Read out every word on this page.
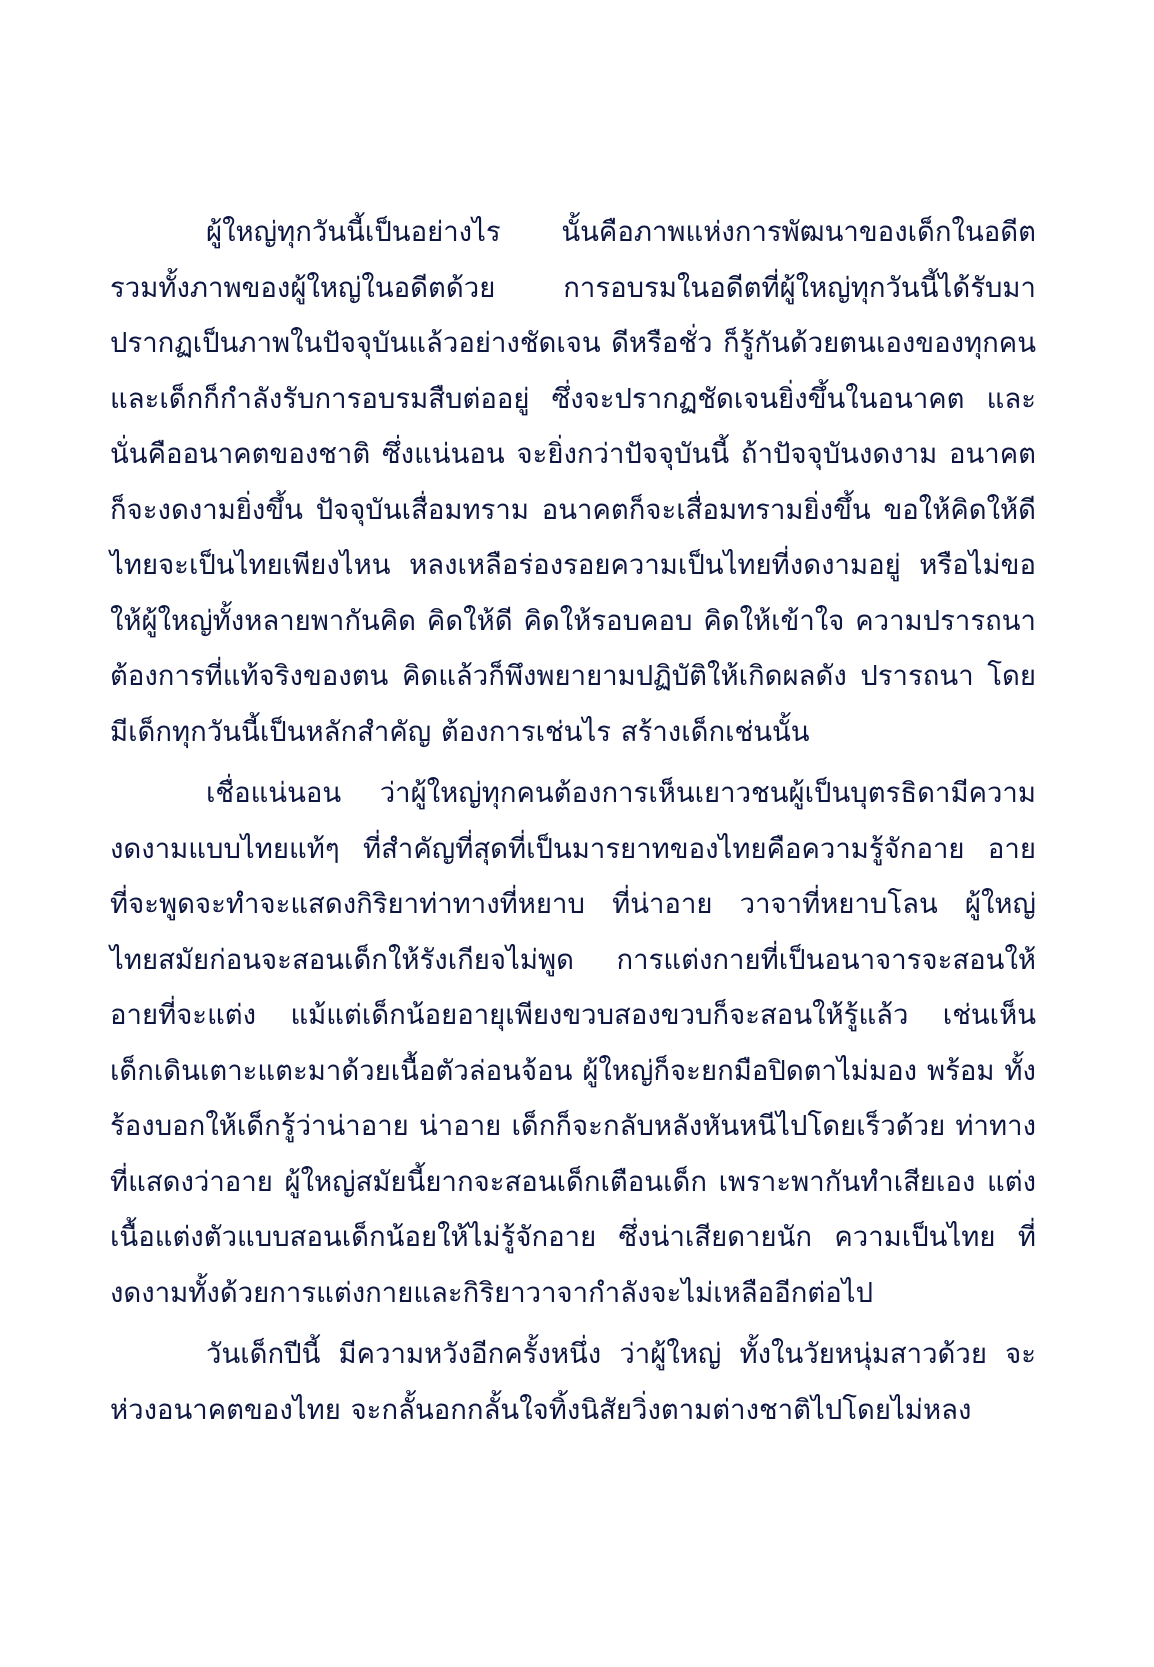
ผู้ใหญ่ทุกวันนี้เป็นอย่างไร นั้นคือภาพแห่งการพัฒนาของเด็กในอดีต รวมทั้งภาพของผู้ใหญ่ในอดีตด้วย การอบรมในอดีตที่ผู้ใหญ่ทุกวันนี้ได้รับมา ปรากฏเป็นภาพในปัจจุบันแล้วอย่างชัดเจน ดีหรือชั่ว ก็รู้กันด้วยตนเองของทุกคน และเด็กก็กำลังรับการอบรมสืบต่ออยู่ ซึ่งจะปรากฏชัดเจนยิ่งขึ้นในอนาคต และนั่นคืออนาคตของชาติ ซึ่งแน่นอน จะยิ่งกว่าปัจจุบันนี้ ถ้าปัจจุบันงดงาม อนาคตก็จะงดงามยิ่งขึ้น ปัจจุบันเสื่อมทราม อนาคตก็จะเสื่อมทรามยิ่งขึ้น ขอให้คิดให้ดี ไทยจะเป็นไทยเพียงไหน หลงเหลือร่องรอยความเป็นไทยที่งดงามอยู่ หรือไม่ขอให้ผู้ใหญ่ทั้งหลายพากันคิด คิดให้ดี คิดให้รอบคอบ คิดให้เข้าใจ ความปรารถนาต้องการที่แท้จริงของตน คิดแล้วก็พึงพยายามปฏิบัติให้เกิดผลดัง ปรารถนา โดยมีเด็กทุกวันนี้เป็นหลักสำคัญ ต้องการเช่นไร สร้างเด็กเช่นนั้น

เชื่อแน่นอน ว่าผู้ใหญ่ทุกคนต้องการเห็นเยาวชนผู้เป็นบุตรธิดามีความ งดงามแบบไทยแท้ๆ ที่สำคัญที่สุดที่เป็นมารยาทของไทยคือความรู้จักอาย อาย ที่จะพูดจะทำจะแสดงกิริยาท่าทางที่หยาบ ที่น่าอาย วาจาที่หยาบโลน ผู้ใหญ่ ไทยสมัยก่อนจะสอนเด็กให้รังเกียจไม่พูด การแต่งกายที่เป็นอนาจารจะสอนให้ อายที่จะแต่ง แม้แต่เด็กน้อยอายุเพียงขวบสองขวบก็จะสอนให้รู้แล้ว เช่นเห็น เด็กเดินเตาะแตะมาด้วยเนื้อตัวล่อนจ้อน ผู้ใหญ่ก็จะยกมือปิดตาไม่มอง พร้อม ทั้งร้องบอกให้เด็กรู้ว่าน่าอาย น่าอาย เด็กก็จะกลับหลังหันหนีไปโดยเร็วด้วย ท่าทางที่แสดงว่าอาย ผู้ใหญ่สมัยนี้ยากจะสอนเด็กเตือนเด็ก เพราะพากันทำเสียเอง แต่งเนื้อแต่งตัวแบบสอนเด็กน้อยให้ไม่รู้จักอาย ซึ่งน่าเสียดายนัก ความเป็นไทย ที่งดงามทั้งด้วยการแต่งกายและกิริยาวาจากำลังจะไม่เหลืออีกต่อไป

วันเด็กปีนี้ มีความหวังอีกครั้งหนึ่ง ว่าผู้ใหญ่ ทั้งในวัยหนุ่มสาวด้วย จะห่วงอนาคตของไทย จะกลั้นอกกลั้นใจทิ้งนิสัยวิ่งตามต่างชาติไปโดยไม่หลง
